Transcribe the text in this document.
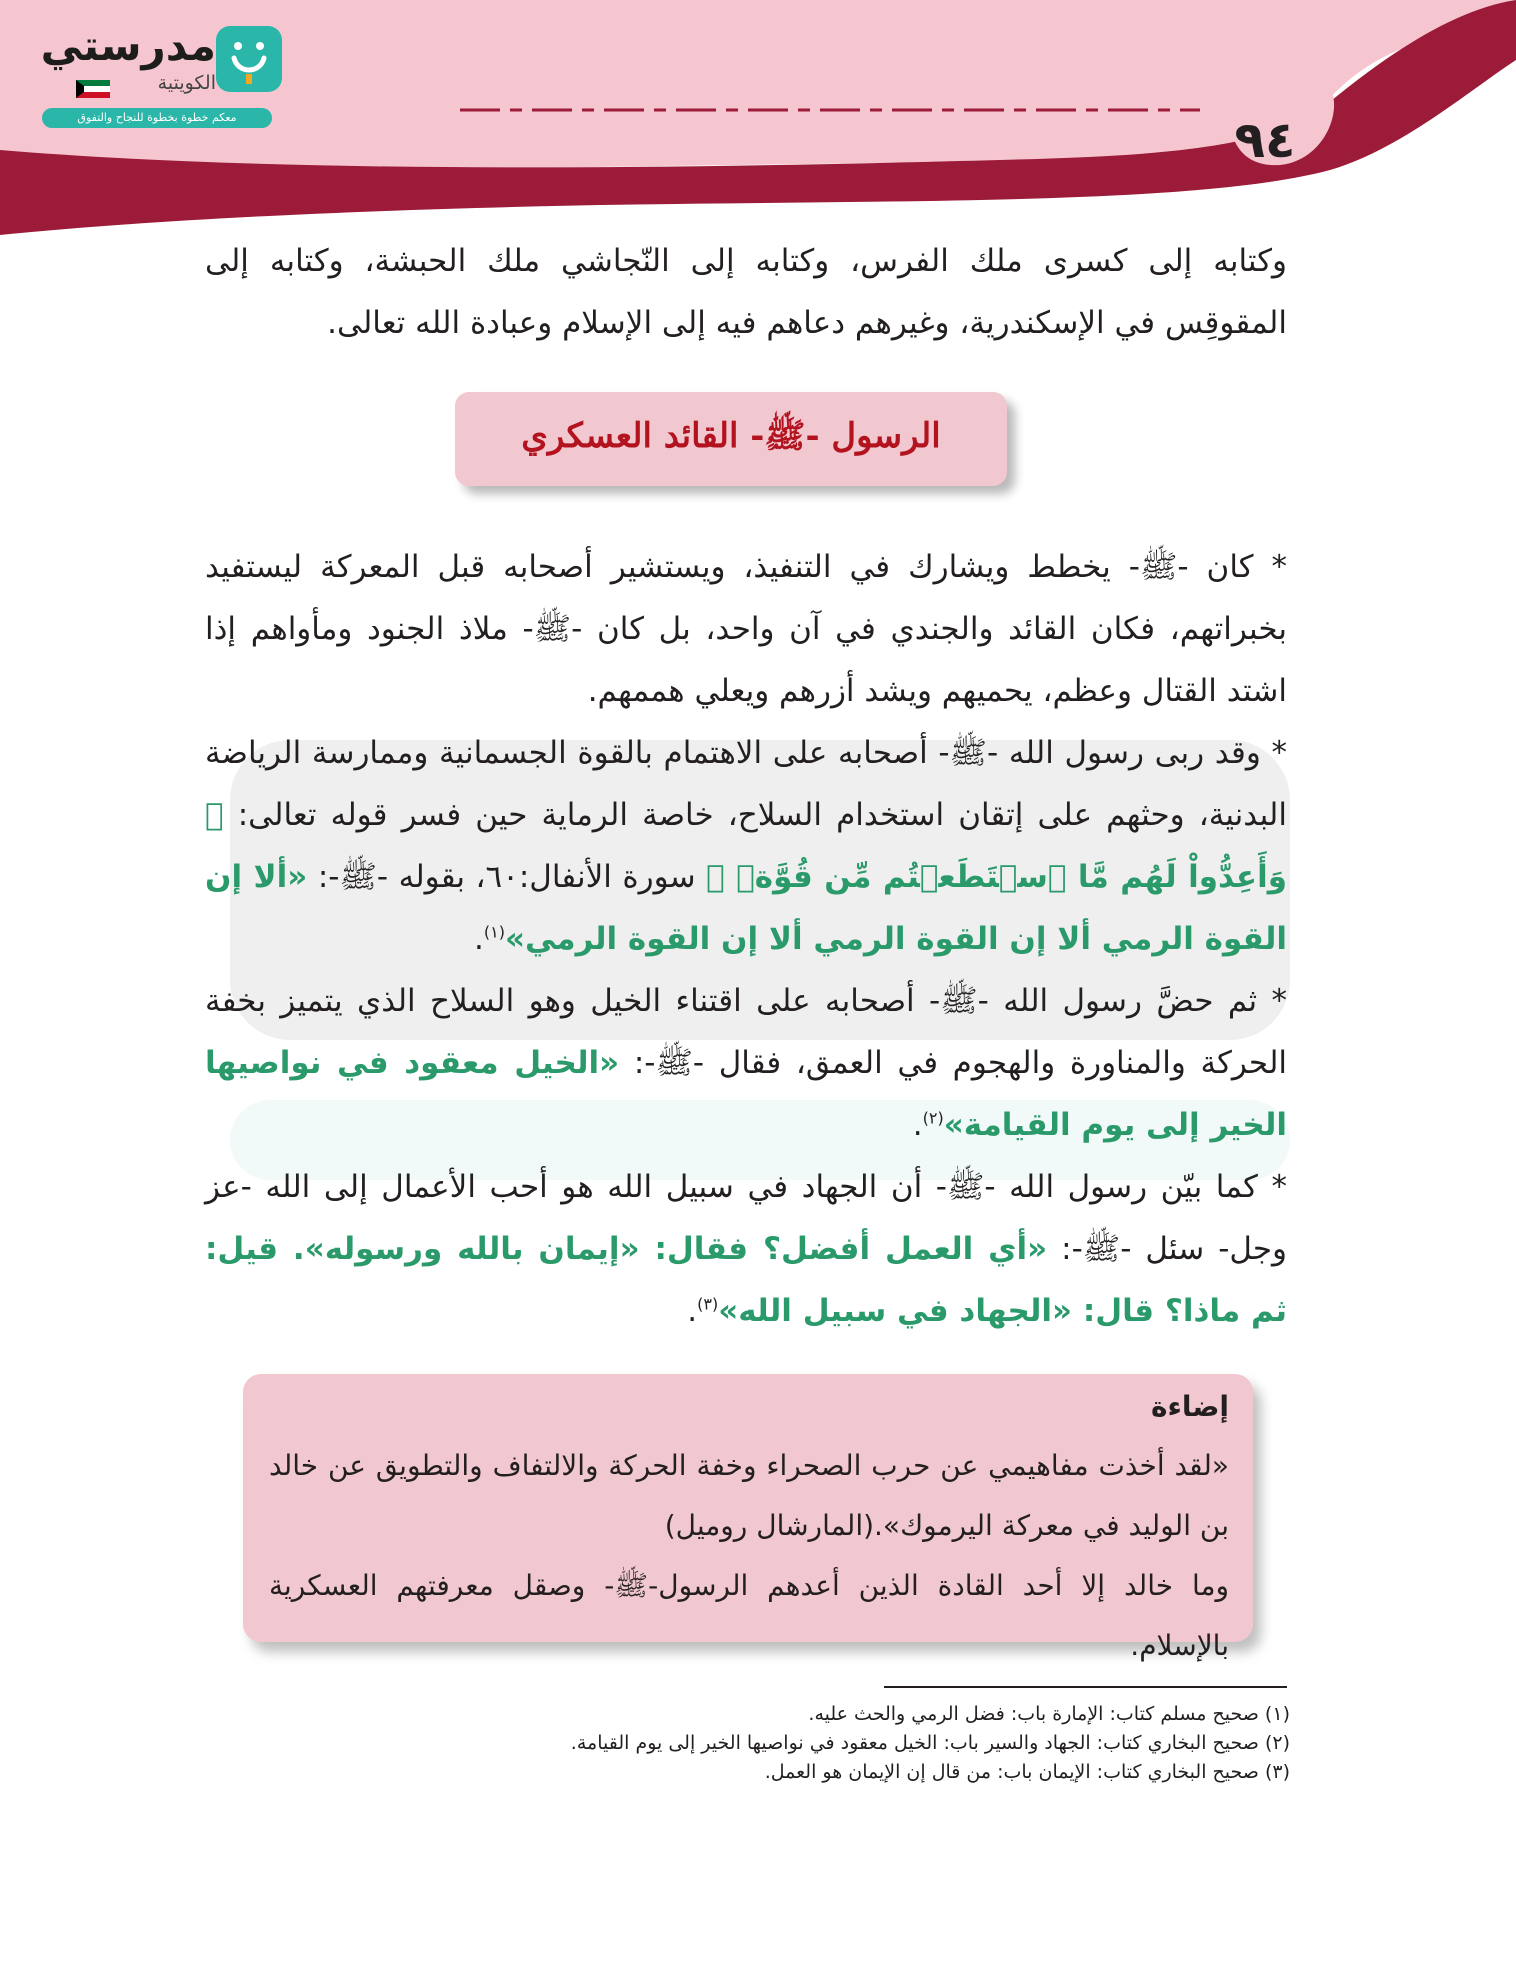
٩٤
مدرستي
الكويتية
معكم خطوة بخطوة للنجاح والتفوق
وكتابه إلى كسرى ملك الفرس، وكتابه إلى النّجاشي ملك الحبشة، وكتابه إلى المقوقِس في الإسكندرية، وغيرهم دعاهم فيه إلى الإسلام وعبادة الله تعالى.
الرسول -ﷺ- القائد العسكري
* كان -ﷺ- يخطط ويشارك في التنفيذ، ويستشير أصحابه قبل المعركة ليستفيد بخبراتهم، فكان القائد والجندي في آن واحد، بل كان -ﷺ- ملاذ الجنود ومأواهم إذا اشتد القتال وعظم، يحميهم ويشد أزرهم ويعلي هممهم.
* وقد ربى رسول الله -ﷺ- أصحابه على الاهتمام بالقوة الجسمانية وممارسة الرياضة البدنية، وحثهم على إتقان استخدام السلاح، خاصة الرماية حين فسر قوله تعالى: ﴿ وَأَعِدُّواْ لَهُم مَّا ٱسۡتَطَعۡتُم مِّن قُوَّةٖ ﴾ سورة الأنفال:٦٠، بقوله -ﷺ-: «ألا إن القوة الرمي ألا إن القوة الرمي ألا إن القوة الرمي»$^{(١)}$.
* ثم حضَّ رسول الله -ﷺ- أصحابه على اقتناء الخيل وهو السلاح الذي يتميز بخفة الحركة والمناورة والهجوم في العمق، فقال -ﷺ-: «الخيل معقود في نواصيها الخير إلى يوم القيامة»$^{(٢)}$.
* كما بيّن رسول الله -ﷺ- أن الجهاد في سبيل الله هو أحب الأعمال إلى الله -عز وجل- سئل -ﷺ-: «أي العمل أفضل؟ فقال: «إيمان بالله ورسوله». قيل: ثم ماذا؟ قال: «الجهاد في سبيل الله»$^{(٣)}$.
إضاءة
«لقد أخذت مفاهيمي عن حرب الصحراء وخفة الحركة والالتفاف والتطويق عن خالد بن الوليد في معركة اليرموك».(المارشال روميل)
وما خالد إلا أحد القادة الذين أعدهم الرسول-ﷺ- وصقل معرفتهم العسكرية بالإسلام.
(١) صحيح مسلم كتاب: الإمارة باب: فضل الرمي والحث عليه.
(٢) صحيح البخاري كتاب: الجهاد والسير باب: الخيل معقود في نواصيها الخير إلى يوم القيامة.
(٣) صحيح البخاري كتاب: الإيمان باب: من قال إن الإيمان هو العمل.
